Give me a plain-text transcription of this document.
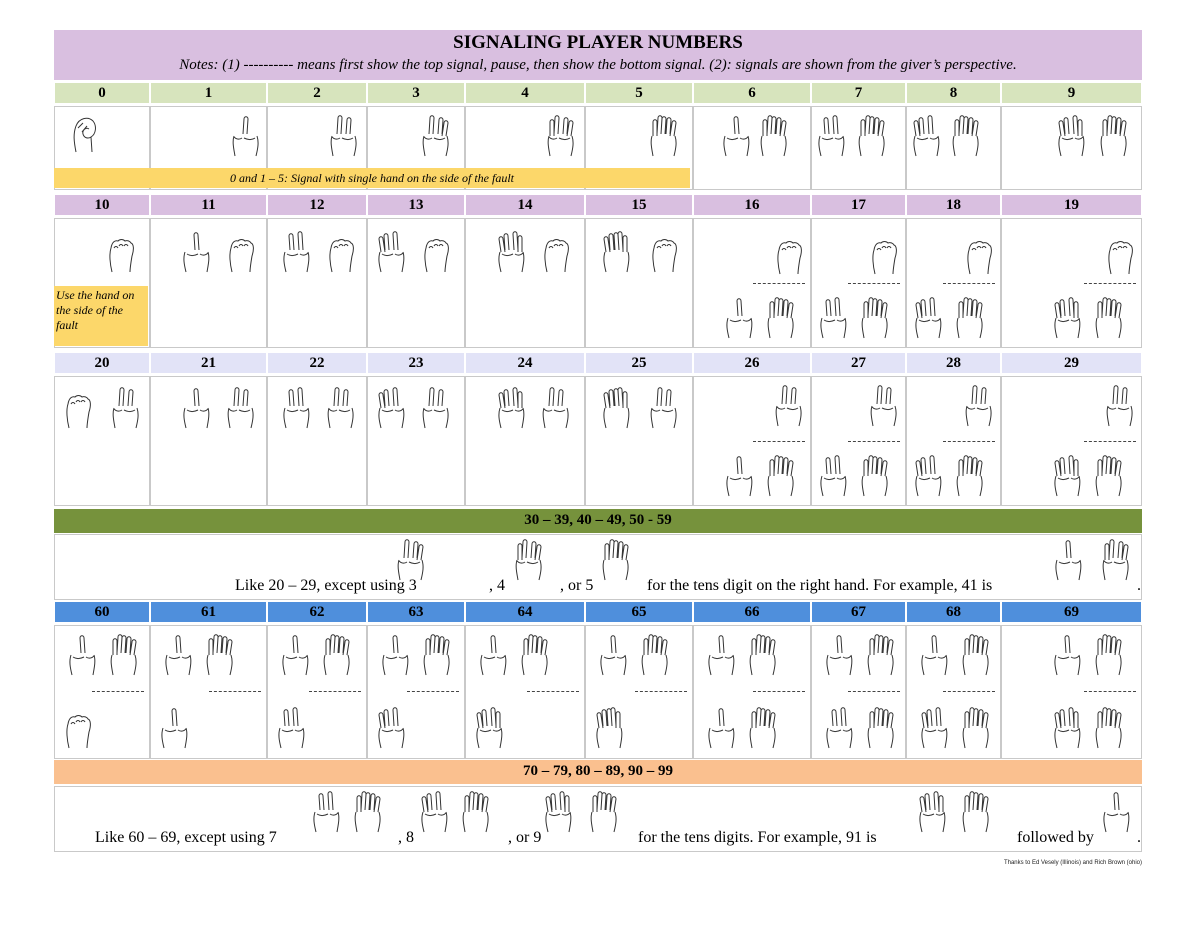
SIGNALING PLAYER NUMBERS
Notes: (1) ---------- means first show the top signal, pause, then show the bottom signal. (2): signals are shown from the giver’s perspective.
30 – 39, 40 – 49, 50 - 59
Like 20 – 29, except using 3	, 4	, or 5	for the tens digit on the right hand. For example, 41 is	.
70 – 79, 80 – 89, 90 – 99
Like 60 – 69, except using 7	, 8	, or 9	for the tens digits. For example, 91 is	followed by	.
Thanks to Ed Vesely (Illinois) and Rich Brown (ohio)
0	1	2	3	4	5	6	7	8	9
10	11	12	13	14	15	16	17	18	19
20	21	22	23	24	25	26	27	28	29
60	61	62	63	64	65	66	67	68	69
0 and 1 – 5: Signal with single hand on the side of the fault
Use the hand on the side of the fault
